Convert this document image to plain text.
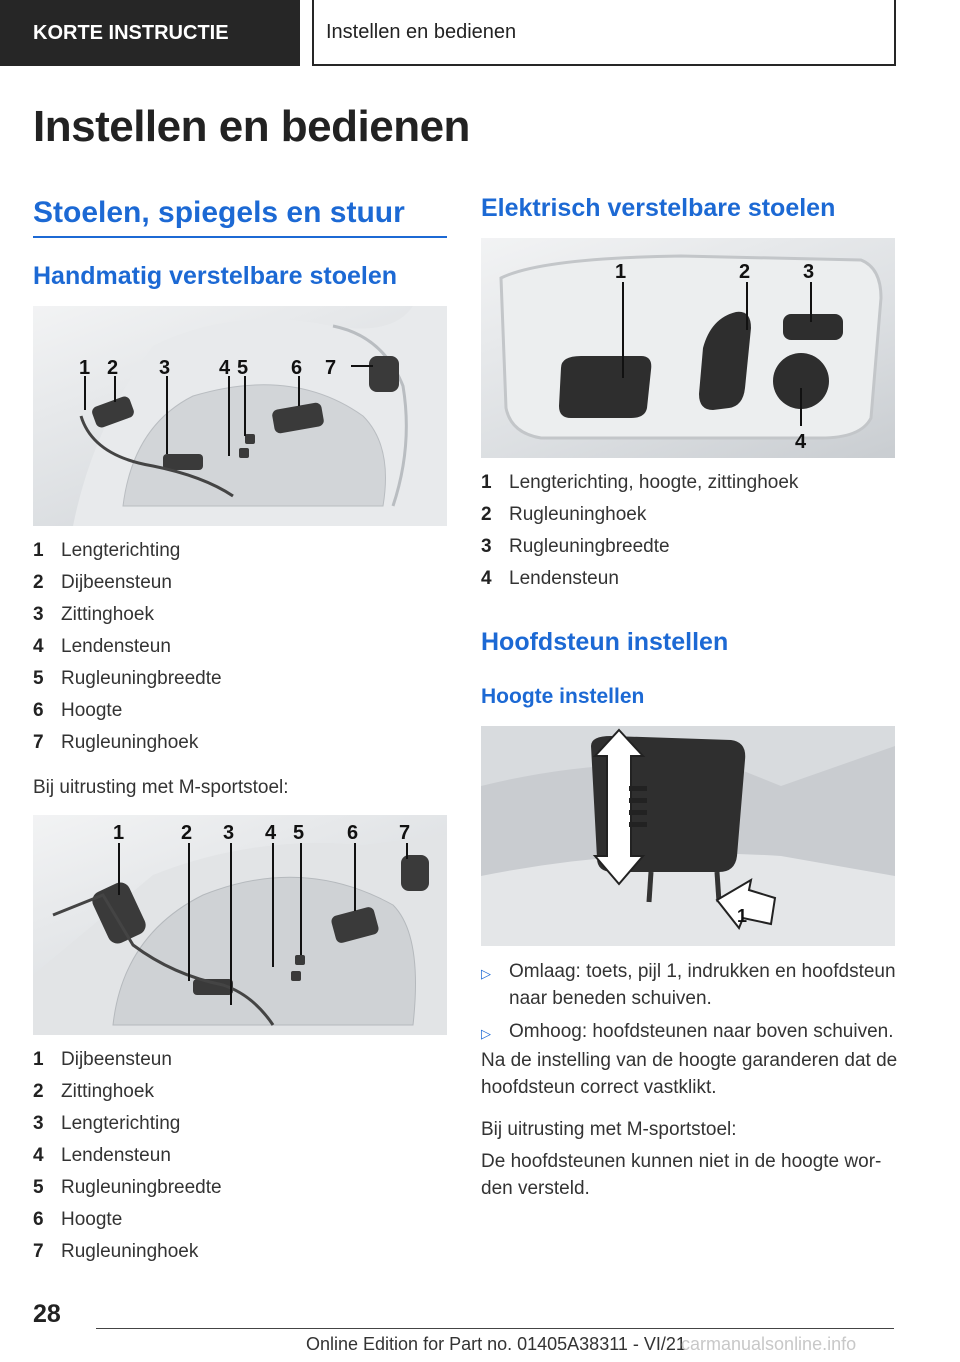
KORTE INSTRUCTIE	Instellen en bedienen
Instellen en bedienen
Stoelen, spiegels en stuur
Handmatig verstelbare stoelen
1 2 3 4 5 6 7
1 Lengterichting
2 Dijbeensteun
3 Zittinghoek
4 Lendensteun
5 Rugleuningbreedte
6 Hoogte
7 Rugleuninghoek
Bij uitrusting met M-sportstoel:
1	2 3 4 5 6 7
1 Dijbeensteun
2 Zittinghoek
3 Lengterichting
4 Lendensteun
5 Rugleuningbreedte
6 Hoogte
7 Rugleuninghoek
Elektrisch verstelbare stoelen
1	2	3
4
1 Lengterichting, hoogte, zittinghoek
2 Rugleuninghoek
3 Rugleuningbreedte
4 Lendensteun
Hoofdsteun instellen
Hoogte instellen
1
▷ Omlaag: toets, pijl 1, indrukken en hoofdsteun naar beneden schuiven.
▷ Omhoog: hoofdsteunen naar boven schuiven.
Na de instelling van de hoogte garanderen dat de hoofdsteun correct vastklikt.
Bij uitrusting met M-sportstoel:
De hoofdsteunen kunnen niet in de hoogte worden versteld.
28
Online Edition for Part no. 01405A38311 - VI/21
carmanualsonline.info
